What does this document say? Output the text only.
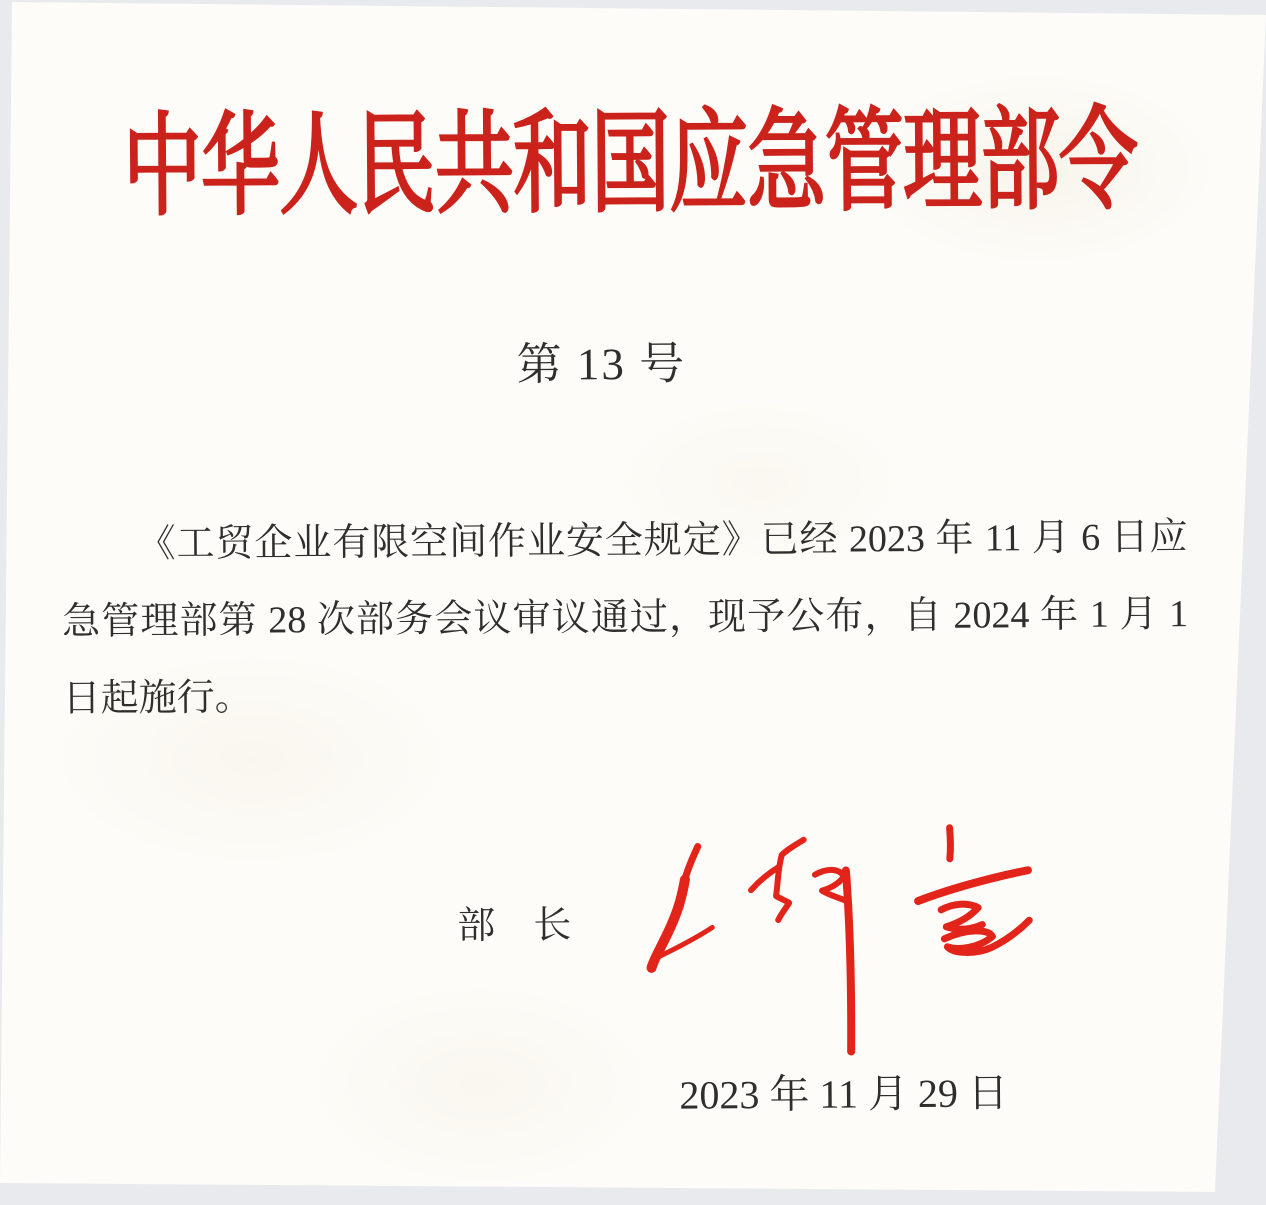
中华人民共和国应急管理部令
第 13 号
《工贸企业有限空间作业安全规定》已经 2023 年 11 月 6 日应
急管理部第 28 次部务会议审议通过，现予公布，自 2024 年 1 月 1
日起施行。
部　长
2023 年 11 月 29 日
